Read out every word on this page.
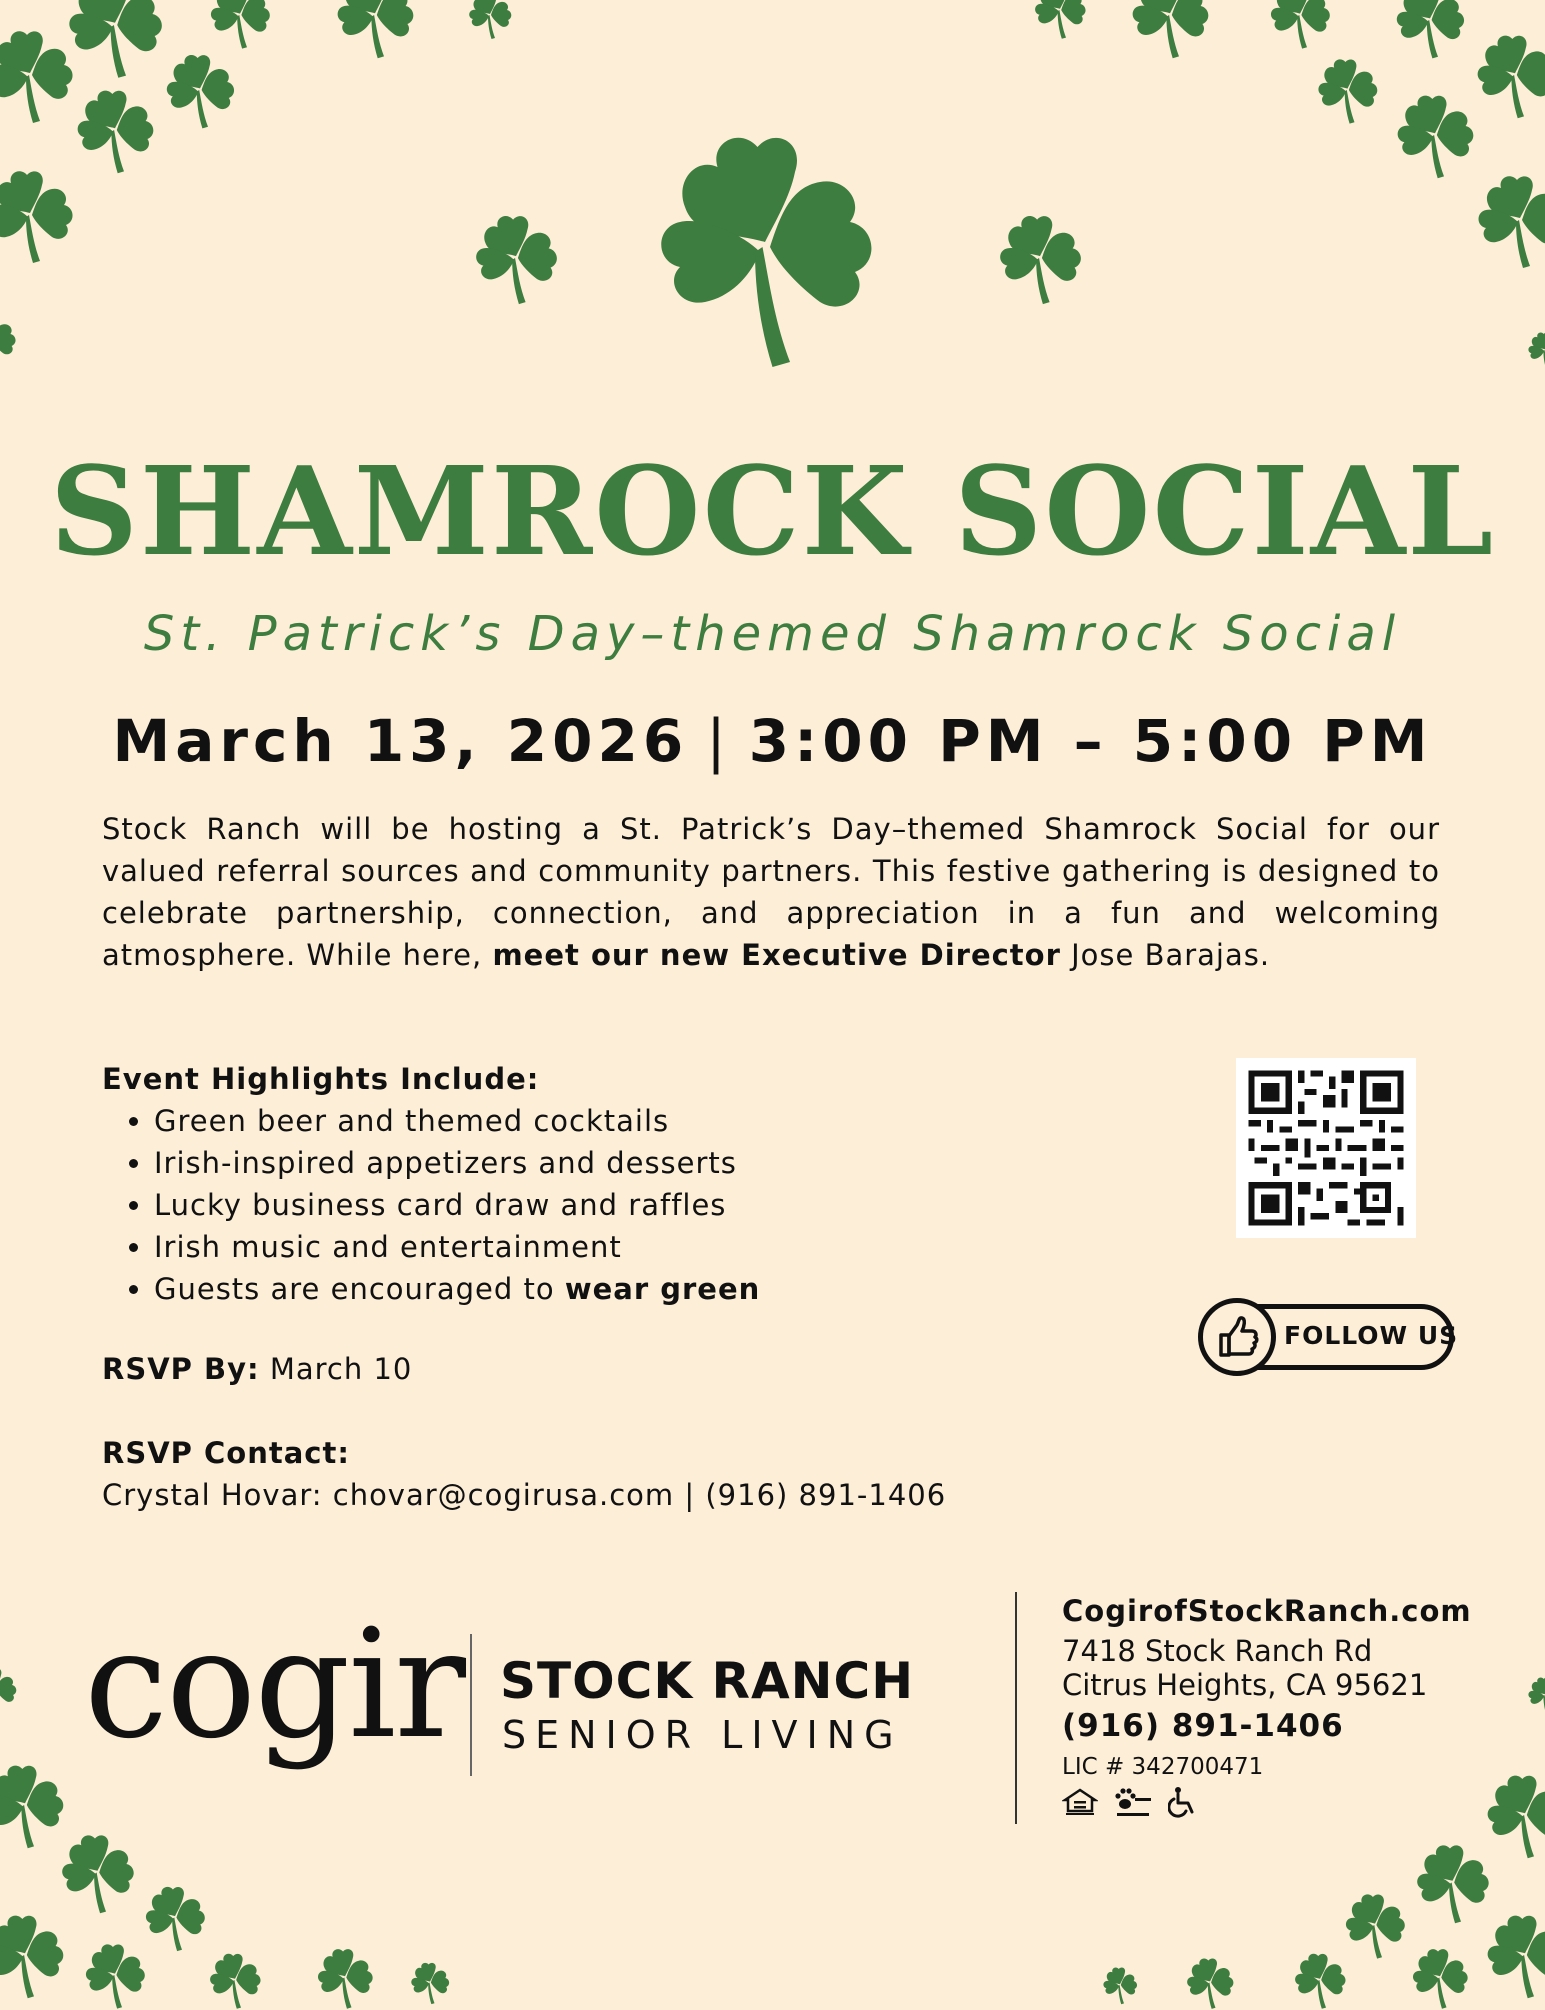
SHAMROCK SOCIAL
St. Patrick’s Day–themed Shamrock Social
March 13, 2026 | 3:00 PM – 5:00 PM
Stock Ranch will be hosting a St. Patrick’s Day–themed Shamrock Social for our valued referral sources and community partners. This festive gathering is designed to celebrate partnership, connection, and appreciation in a fun and welcoming atmosphere. While here, meet our new Executive Director Jose Barajas.
Event Highlights Include:
• Green beer and themed cocktails
• Irish-inspired appetizers and desserts
• Lucky business card draw and raffles
• Irish music and entertainment
• Guests are encouraged to wear green
RSVP By: March 10
RSVP Contact:
Crystal Hovar: chovar@cogirusa.com | (916) 891-1406
FOLLOW US
cogir STOCK RANCH
SENIOR LIVING
CogirofStockRanch.com
7418 Stock Ranch Rd
Citrus Heights, CA 95621
(916) 891-1406
LIC # 342700471
